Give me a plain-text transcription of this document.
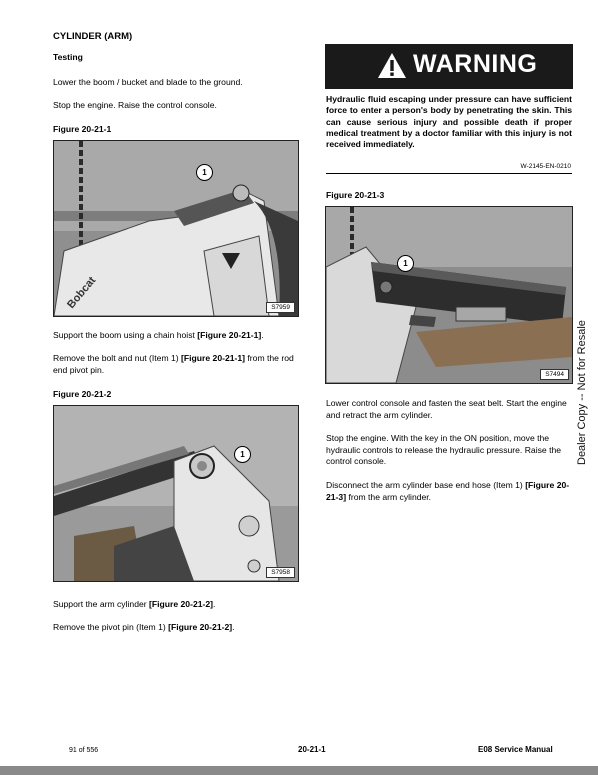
CYLINDER (ARM)
Testing
Lower the boom / bucket and blade to the ground.
Stop the engine. Raise the control console.
Figure 20-21-1
Bobcat
1
S7959
Support the boom using a chain hoist [Figure 20-21-1].
Remove the bolt and nut (Item 1) [Figure 20-21-1] from the rod end pivot pin.
Figure 20-21-2
1
S7958
Support the arm cylinder [Figure 20-21-2].
Remove the pivot pin (Item 1) [Figure 20-21-2].
WARNING
Hydraulic fluid escaping under pressure can have sufficient force to enter a person's body by penetrating the skin. This can cause serious injury and possible death if proper medical treatment by a doctor familiar with this injury is not received immediately.
W-2145-EN-0210
Figure 20-21-3
1
S7494
Lower control console and fasten the seat belt. Start the engine and retract the arm cylinder.
Stop the engine. With the key in the ON position, move the hydraulic controls to release the hydraulic pressure. Raise the control console.
Disconnect the arm cylinder base end hose (Item 1) [Figure 20-21-3] from the arm cylinder.
Dealer Copy -- Not for Resale
91 of 556	20-21-1	E08 Service Manual
